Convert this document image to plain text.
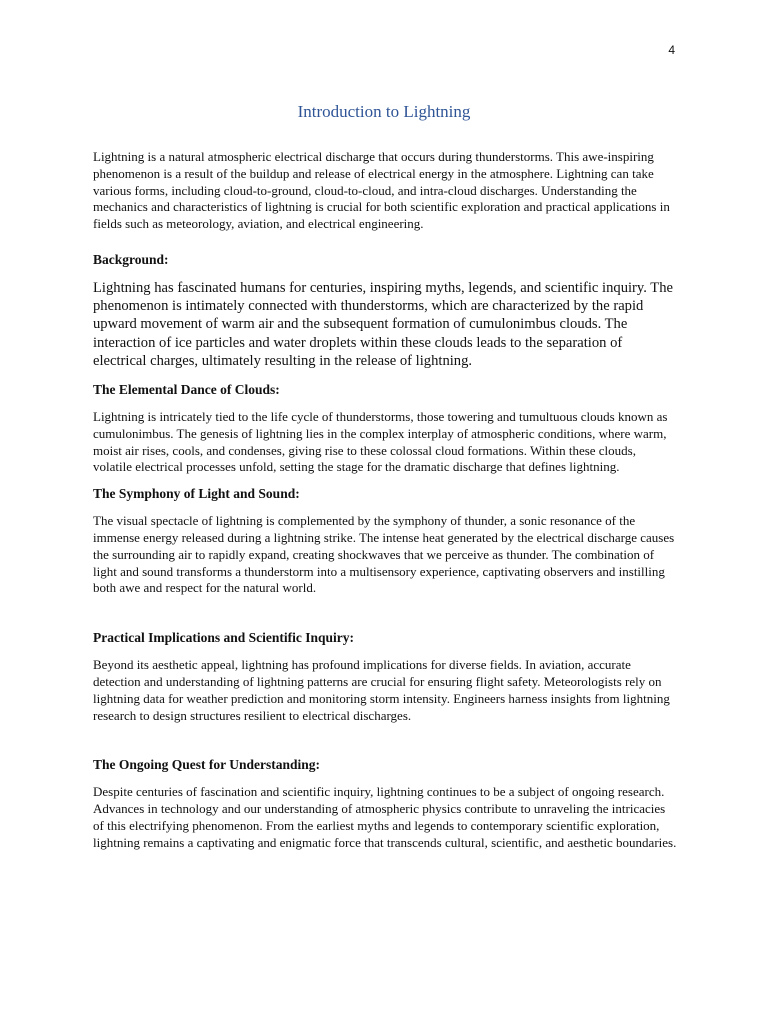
4
Introduction to Lightning

Lightning is a natural atmospheric electrical discharge that occurs during thunderstorms. This awe-inspiring phenomenon is a result of the buildup and release of electrical energy in the atmosphere. Lightning can take various forms, including cloud-to-ground, cloud-to-cloud, and intra-cloud discharges. Understanding the mechanics and characteristics of lightning is crucial for both scientific exploration and practical applications in fields such as meteorology, aviation, and electrical engineering.

Background:

Lightning has fascinated humans for centuries, inspiring myths, legends, and scientific inquiry. The phenomenon is intimately connected with thunderstorms, which are characterized by the rapid upward movement of warm air and the subsequent formation of cumulonimbus clouds. The interaction of ice particles and water droplets within these clouds leads to the separation of electrical charges, ultimately resulting in the release of lightning.

The Elemental Dance of Clouds:

Lightning is intricately tied to the life cycle of thunderstorms, those towering and tumultuous clouds known as cumulonimbus. The genesis of lightning lies in the complex interplay of atmospheric conditions, where warm, moist air rises, cools, and condenses, giving rise to these colossal cloud formations. Within these clouds, volatile electrical processes unfold, setting the stage for the dramatic discharge that defines lightning.

The Symphony of Light and Sound:

The visual spectacle of lightning is complemented by the symphony of thunder, a sonic resonance of the immense energy released during a lightning strike. The intense heat generated by the electrical discharge causes the surrounding air to rapidly expand, creating shockwaves that we perceive as thunder. The combination of light and sound transforms a thunderstorm into a multisensory experience, captivating observers and instilling both awe and respect for the natural world.

Practical Implications and Scientific Inquiry:

Beyond its aesthetic appeal, lightning has profound implications for diverse fields. In aviation, accurate detection and understanding of lightning patterns are crucial for ensuring flight safety. Meteorologists rely on lightning data for weather prediction and monitoring storm intensity. Engineers harness insights from lightning research to design structures resilient to electrical discharges.

The Ongoing Quest for Understanding:

Despite centuries of fascination and scientific inquiry, lightning continues to be a subject of ongoing research. Advances in technology and our understanding of atmospheric physics contribute to unraveling the intricacies of this electrifying phenomenon. From the earliest myths and legends to contemporary scientific exploration, lightning remains a captivating and enigmatic force that transcends cultural, scientific, and aesthetic boundaries.
